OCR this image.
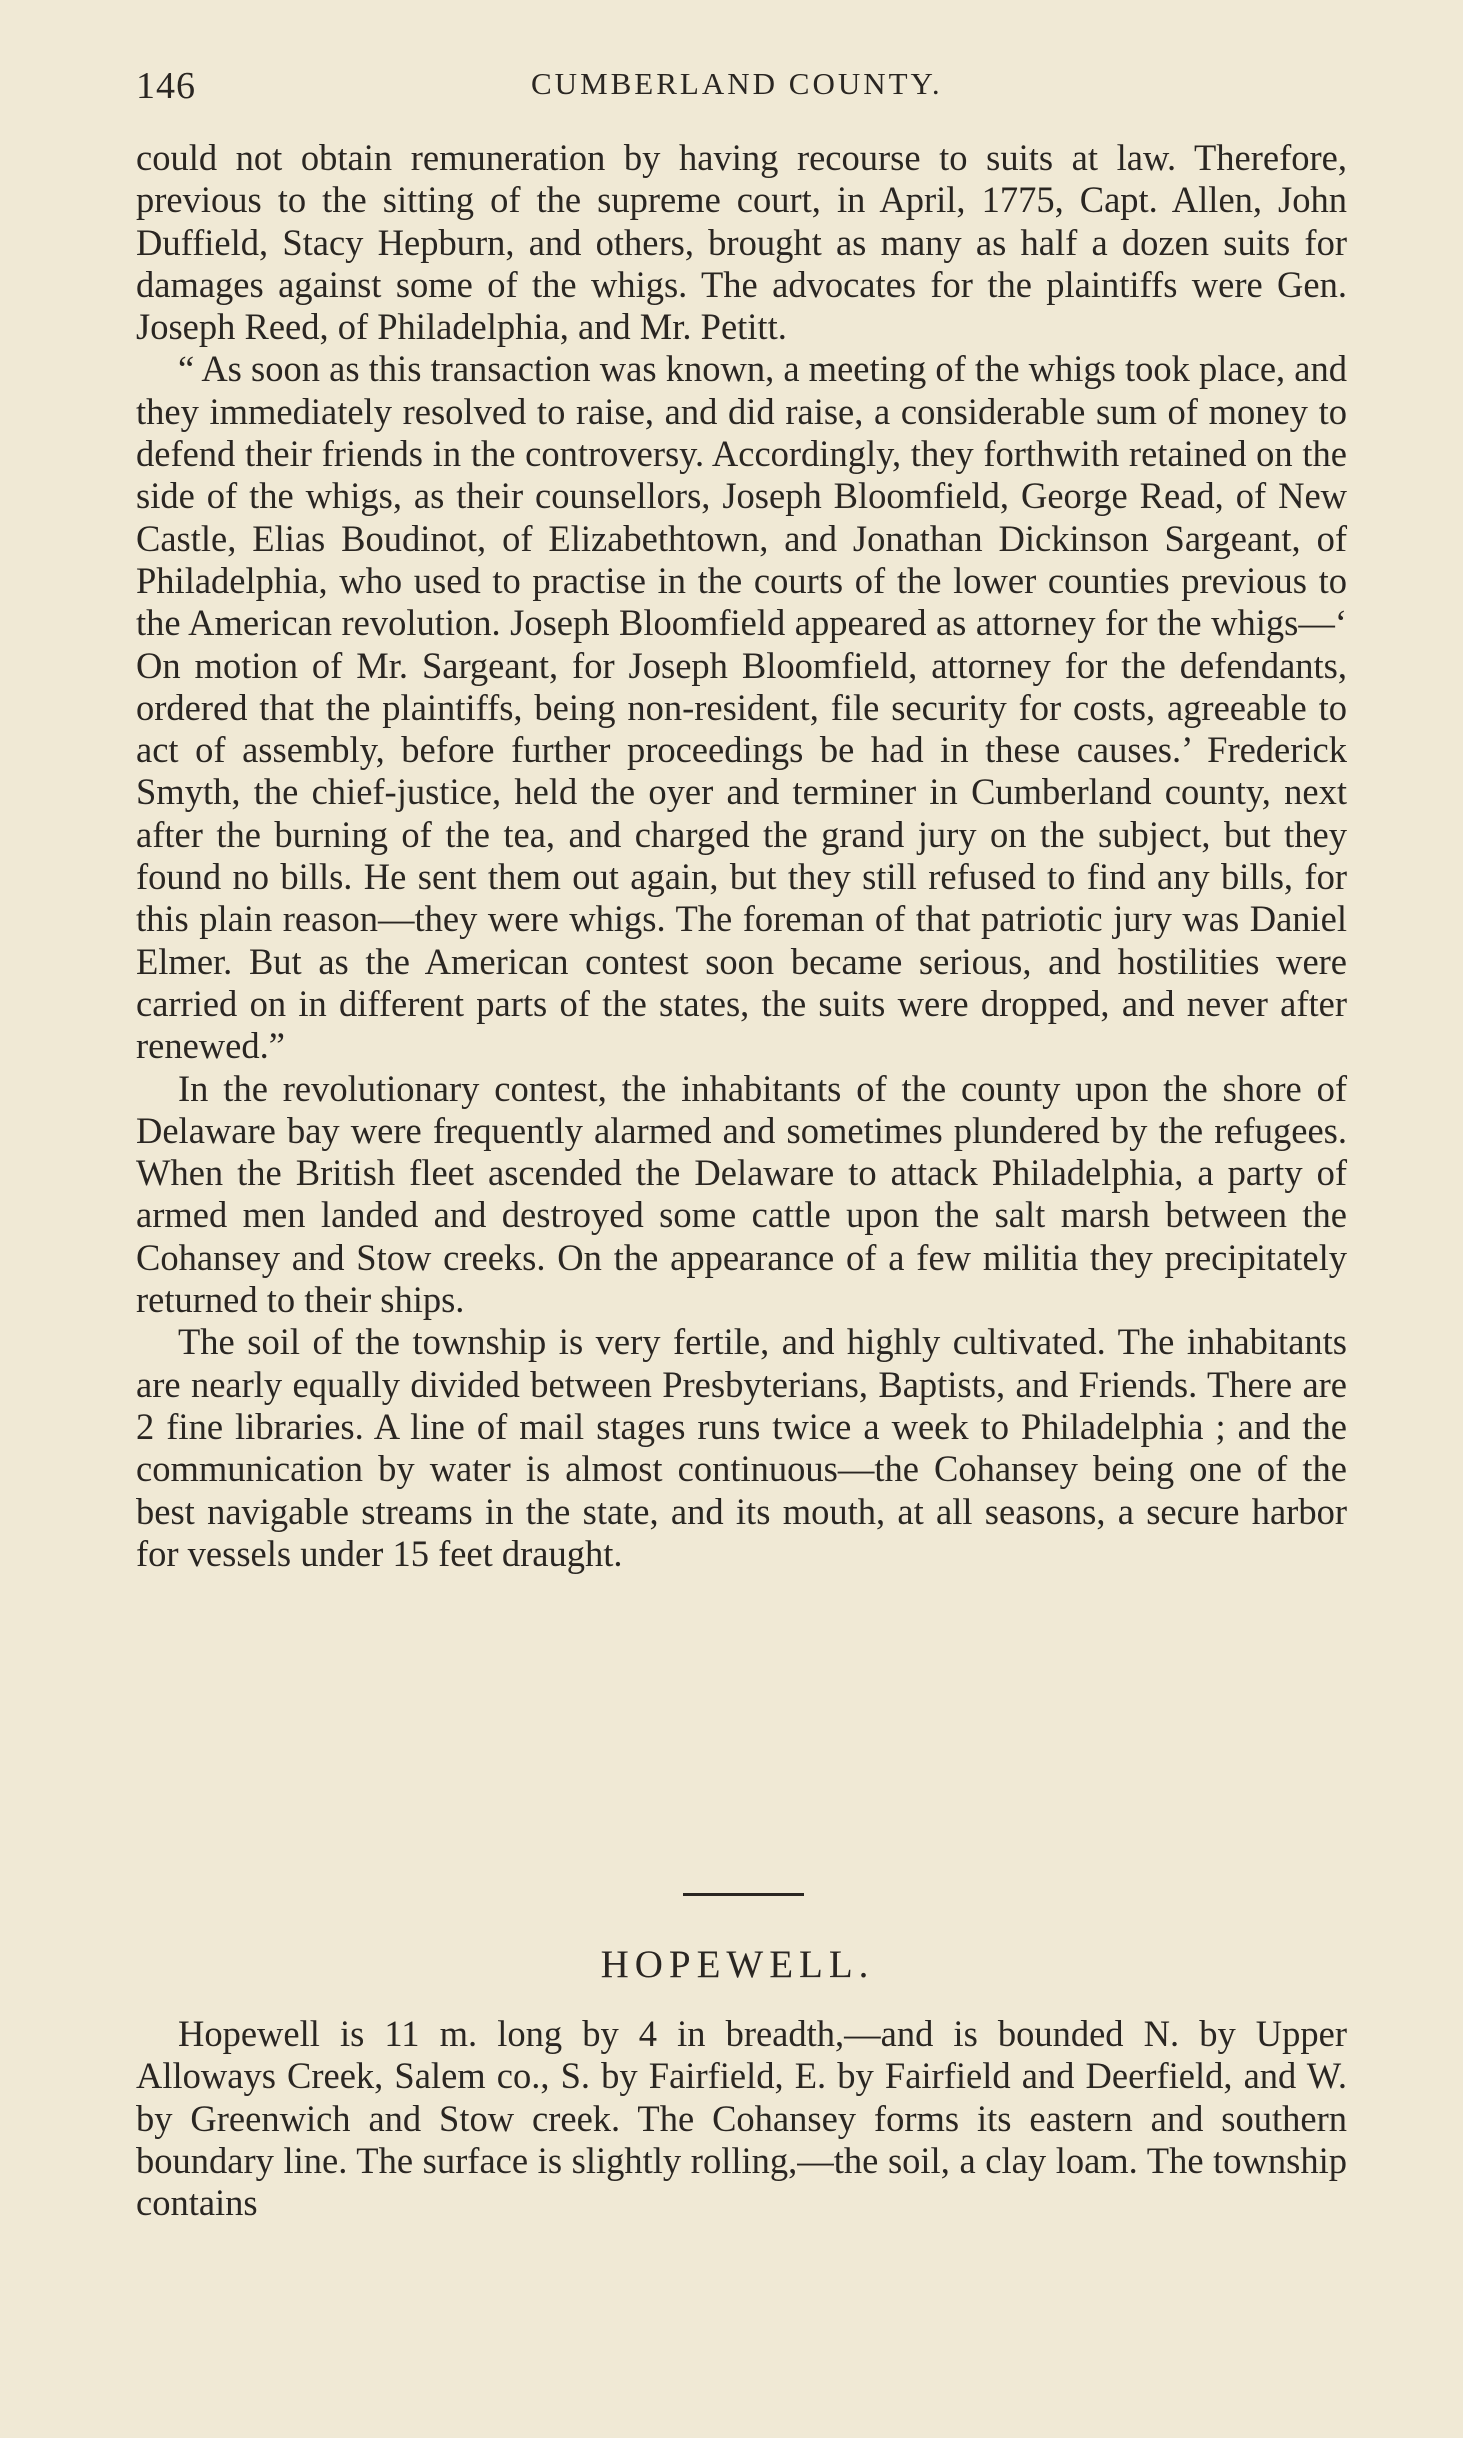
146	CUMBERLAND COUNTY.

could not obtain remuneration by having recourse to suits at law. Therefore, previous to the sitting of the supreme court, in April, 1775, Capt. Allen, John Duffield, Stacy Hepburn, and others, brought as many as half a dozen suits for damages against some of the whigs. The advocates for the plaintiffs were Gen. Joseph Reed, of Philadelphia, and Mr. Petitt.

“ As soon as this transaction was known, a meeting of the whigs took place, and they immediately resolved to raise, and did raise, a considerable sum of money to defend their friends in the controversy. Accordingly, they forthwith retained on the side of the whigs, as their counsellors, Joseph Bloomfield, George Read, of New Castle, Elias Boudinot, of Elizabethtown, and Jonathan Dickinson Sargeant, of Philadelphia, who used to practise in the courts of the lower counties previous to the American revolution. Joseph Bloomfield appeared as attorney for the whigs—‘ On motion of Mr. Sargeant, for Joseph Bloomfield, attorney for the defendants, ordered that the plaintiffs, being non-resident, file security for costs, agreeable to act of assembly, before further proceedings be had in these causes.’ Frederick Smyth, the chief-justice, held the oyer and terminer in Cumberland county, next after the burning of the tea, and charged the grand jury on the subject, but they found no bills. He sent them out again, but they still refused to find any bills, for this plain reason—they were whigs. The foreman of that patriotic jury was Daniel Elmer. But as the American contest soon became serious, and hostilities were carried on in different parts of the states, the suits were dropped, and never after renewed.”

In the revolutionary contest, the inhabitants of the county upon the shore of Delaware bay were frequently alarmed and sometimes plundered by the refugees. When the British fleet ascended the Delaware to attack Philadelphia, a party of armed men landed and destroyed some cattle upon the salt marsh between the Cohansey and Stow creeks. On the appearance of a few militia they precipitately returned to their ships.

The soil of the township is very fertile, and highly cultivated. The inhabitants are nearly equally divided between Presbyterians, Baptists, and Friends. There are 2 fine libraries. A line of mail stages runs twice a week to Philadelphia ; and the communication by water is almost continuous—the Cohansey being one of the best navigable streams in the state, and its mouth, at all seasons, a secure harbor for vessels under 15 feet draught.

HOPEWELL.

Hopewell is 11 m. long by 4 in breadth,—and is bounded N. by Upper Alloways Creek, Salem co., S. by Fairfield, E. by Fairfield and Deerfield, and W. by Greenwich and Stow creek. The Cohansey forms its eastern and southern boundary line. The surface is slightly rolling,—the soil, a clay loam. The township contains
